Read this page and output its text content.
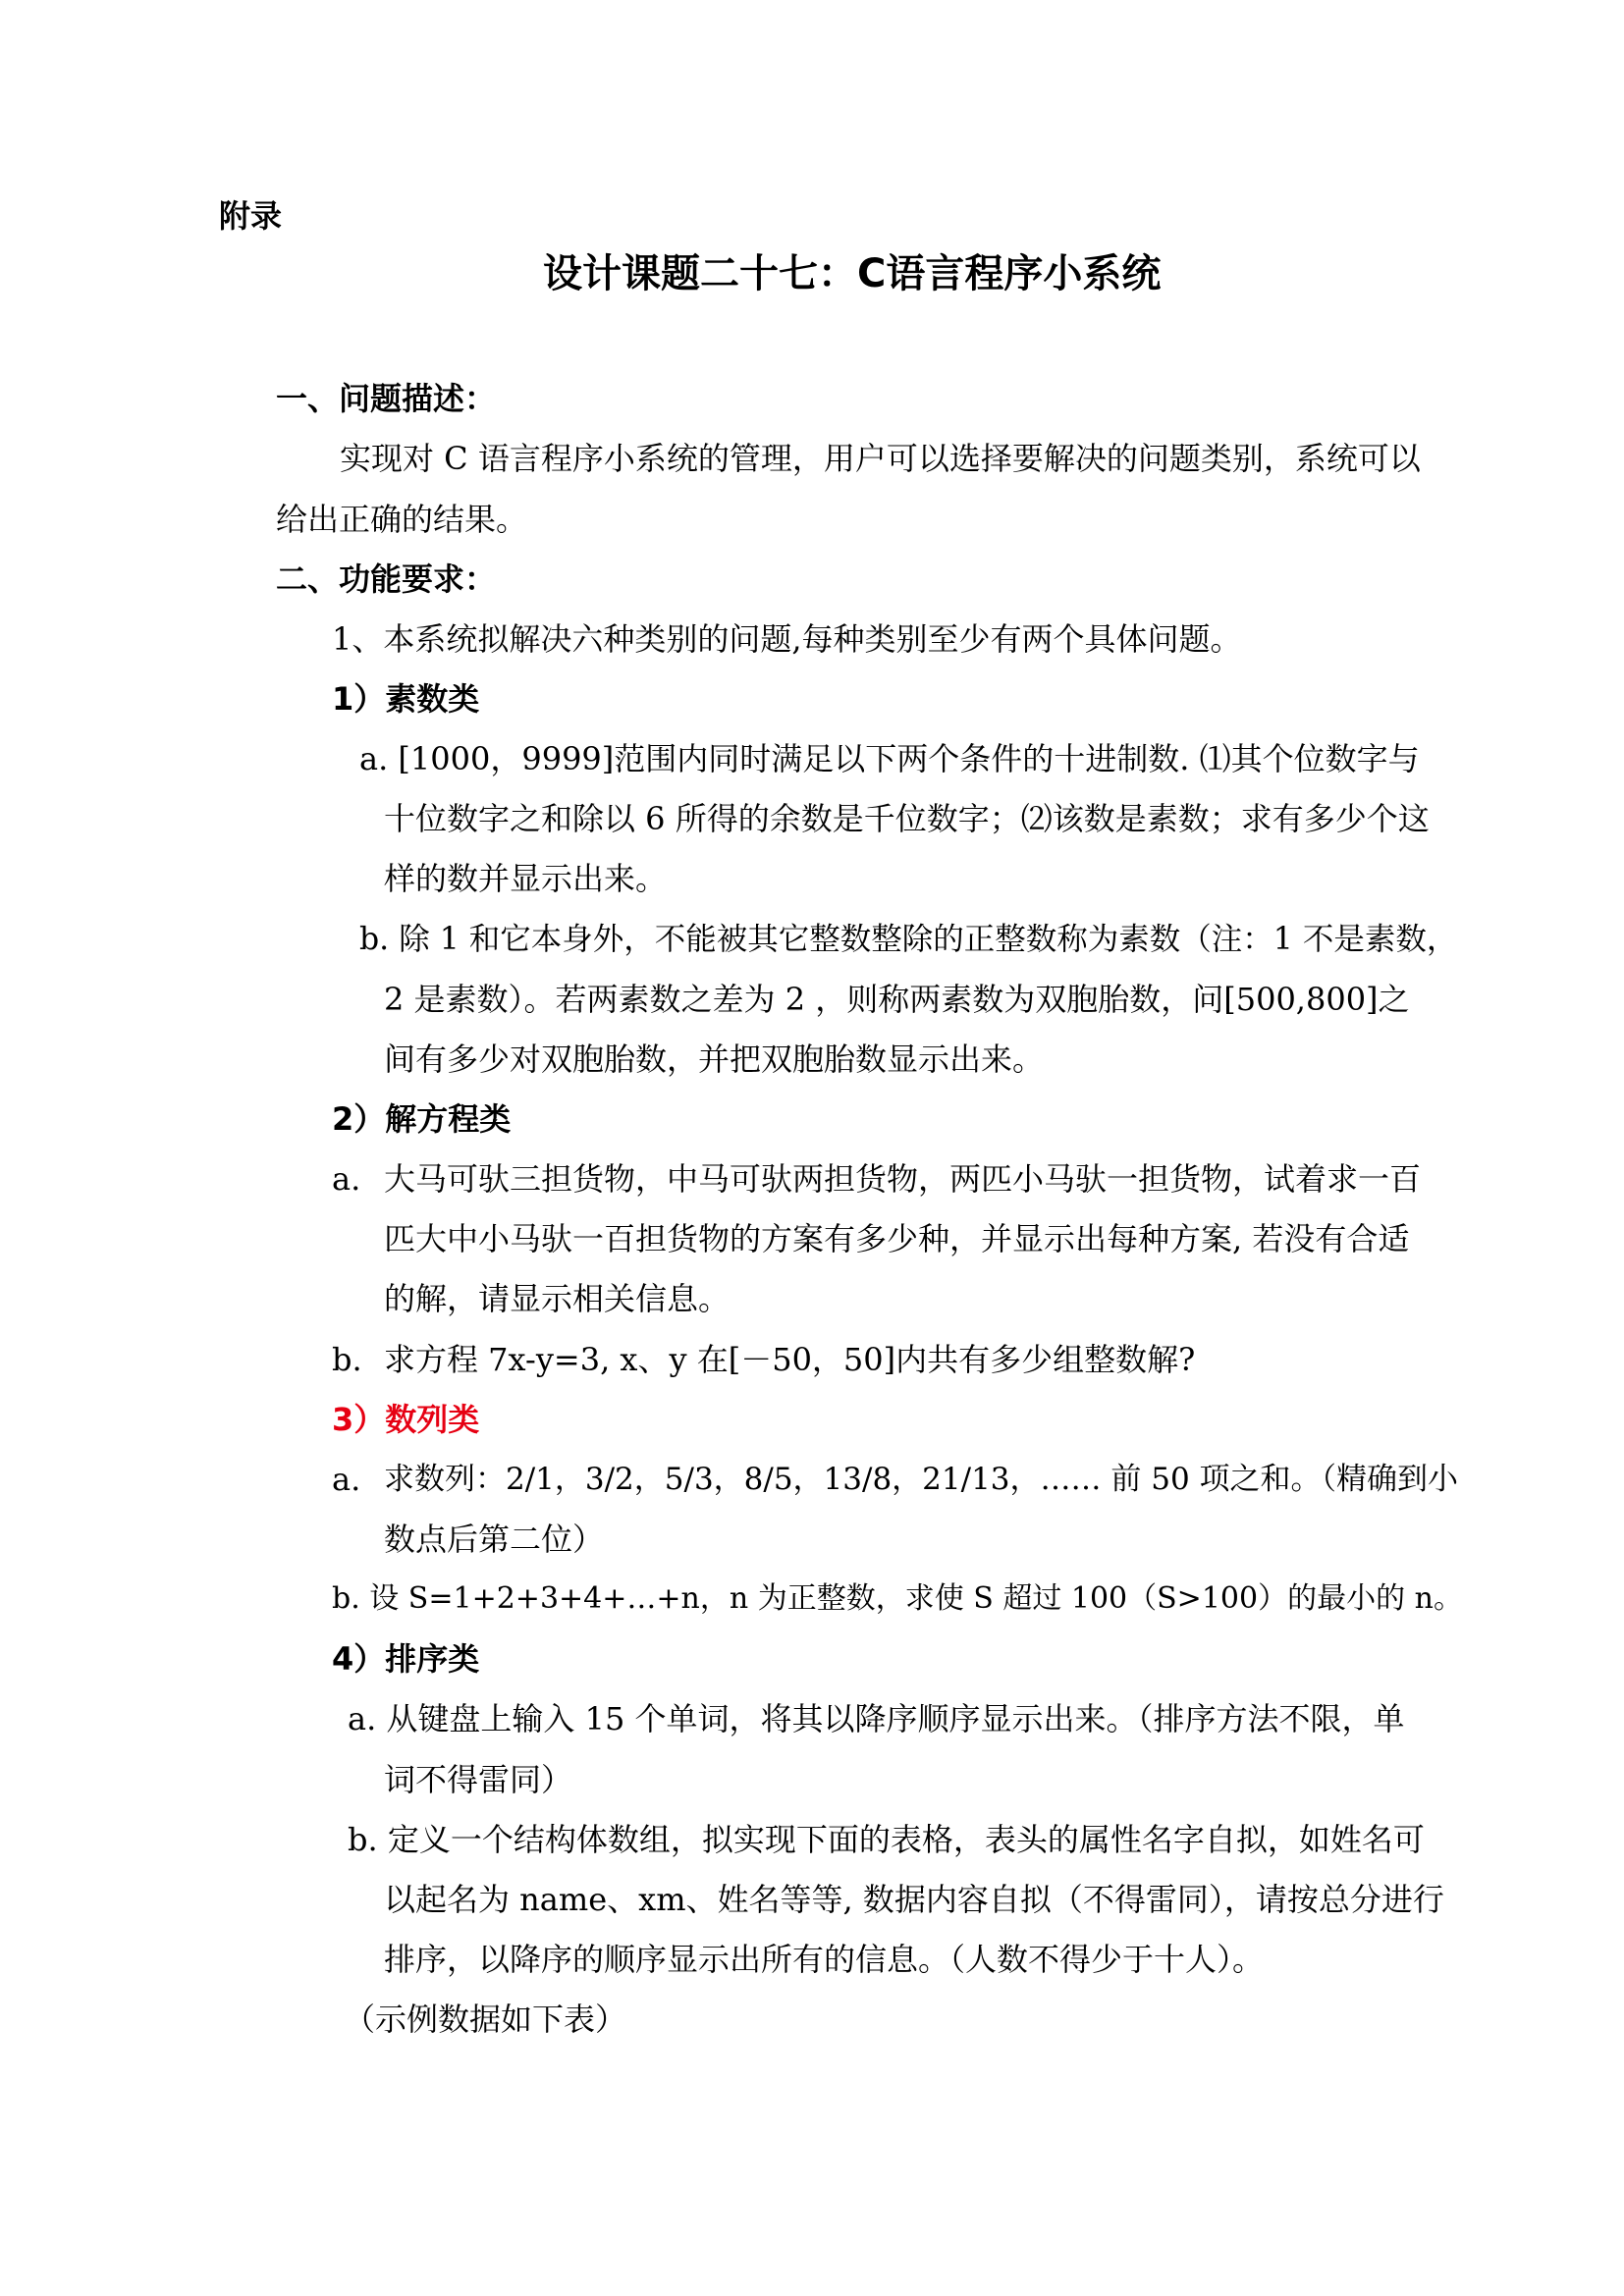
附录
设计课题二十七：C语言程序小系统
一、问题描述：
实现对 C 语言程序小系统的管理，用户可以选择要解决的问题类别，系统可以
给出正确的结果。
二、功能要求：
1、本系统拟解决六种类别的问题,每种类别至少有两个具体问题。
1）素数类
a. [1000，9999]范围内同时满足以下两个条件的十进制数. ⑴其个位数字与
十位数字之和除以 6 所得的余数是千位数字；⑵该数是素数；求有多少个这
样的数并显示出来。
b. 除 1 和它本身外，不能被其它整数整除的正整数称为素数（注：1 不是素数，
2 是素数）。若两素数之差为 2 ，则称两素数为双胞胎数，问[500,800]之
间有多少对双胞胎数，并把双胞胎数显示出来。
2）解方程类
a. 大马可驮三担货物，中马可驮两担货物，两匹小马驮一担货物，试着求一百
匹大中小马驮一百担货物的方案有多少种，并显示出每种方案, 若没有合适
的解，请显示相关信息。
b. 求方程 7x-y=3, x、y 在[－50，50]内共有多少组整数解?
3）数列类
a. 求数列：2/1，3/2，5/3，8/5，13/8，21/13，…… 前 50 项之和。（精确到小
数点后第二位）
b. 设 S=1+2+3+4+…+n，n 为正整数，求使 S 超过 100（S>100）的最小的 n。
4）排序类
a. 从键盘上输入 15 个单词，将其以降序顺序显示出来。（排序方法不限，单
词不得雷同）
b. 定义一个结构体数组，拟实现下面的表格，表头的属性名字自拟，如姓名可
以起名为 name、xm、姓名等等, 数据内容自拟（不得雷同），请按总分进行
排序，以降序的顺序显示出所有的信息。（人数不得少于十人）。
（示例数据如下表）
